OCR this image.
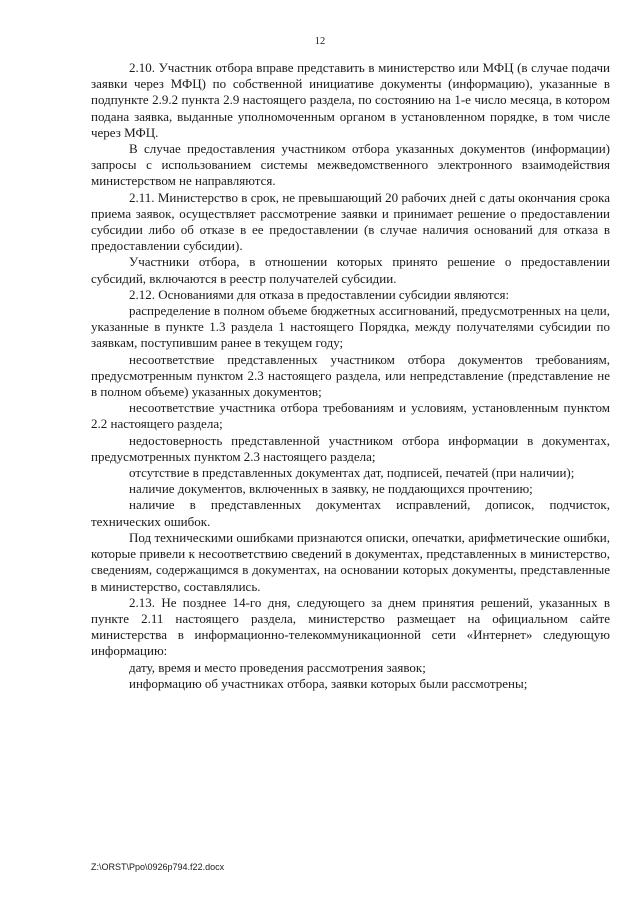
12

2.10. Участник отбора вправе представить в министерство или МФЦ (в случае подачи заявки через МФЦ) по собственной инициативе документы (информацию), указанные в подпункте 2.9.2 пункта 2.9 настоящего раздела, по состоянию на 1-е число месяца, в котором подана заявка, выданные уполномоченным органом в установленном порядке, в том числе через МФЦ.

В случае предоставления участником отбора указанных документов (информации) запросы с использованием системы межведомственного электронного взаимодействия министерством не направляются.

2.11. Министерство в срок, не превышающий 20 рабочих дней с даты окончания срока приема заявок, осуществляет рассмотрение заявки и принимает решение о предоставлении субсидии либо об отказе в ее предоставлении (в случае наличия оснований для отказа в предоставлении субсидии).

Участники отбора, в отношении которых принято решение о предоставлении субсидий, включаются в реестр получателей субсидии.

2.12. Основаниями для отказа в предоставлении субсидии являются:

распределение в полном объеме бюджетных ассигнований, предусмотренных на цели, указанные в пункте 1.3 раздела 1 настоящего Порядка, между получателями субсидии по заявкам, поступившим ранее в текущем году;

несоответствие представленных участником отбора документов требованиям, предусмотренным пунктом 2.3 настоящего раздела, или непредставление (представление не в полном объеме) указанных документов;

несоответствие участника отбора требованиям и условиям, установленным пунктом 2.2 настоящего раздела;

недостоверность представленной участником отбора информации в документах, предусмотренных пунктом 2.3 настоящего раздела;

отсутствие в представленных документах дат, подписей, печатей (при наличии);

наличие документов, включенных в заявку, не поддающихся прочтению;

наличие в представленных документах исправлений, дописок, подчисток, технических ошибок.

Под техническими ошибками признаются описки, опечатки, арифметические ошибки, которые привели к несоответствию сведений в документах, представленных в министерство, сведениям, содержащимся в документах, на основании которых документы, представленные в министерство, составлялись.

2.13. Не позднее 14-го дня, следующего за днем принятия решений, указанных в пункте 2.11 настоящего раздела, министерство размещает на официальном сайте министерства в информационно-телекоммуникационной сети «Интернет» следующую информацию:

дату, время и место проведения рассмотрения заявок;

информацию об участниках отбора, заявки которых были рассмотрены;

Z:\ORST\Ppo\0926p794.f22.docx
